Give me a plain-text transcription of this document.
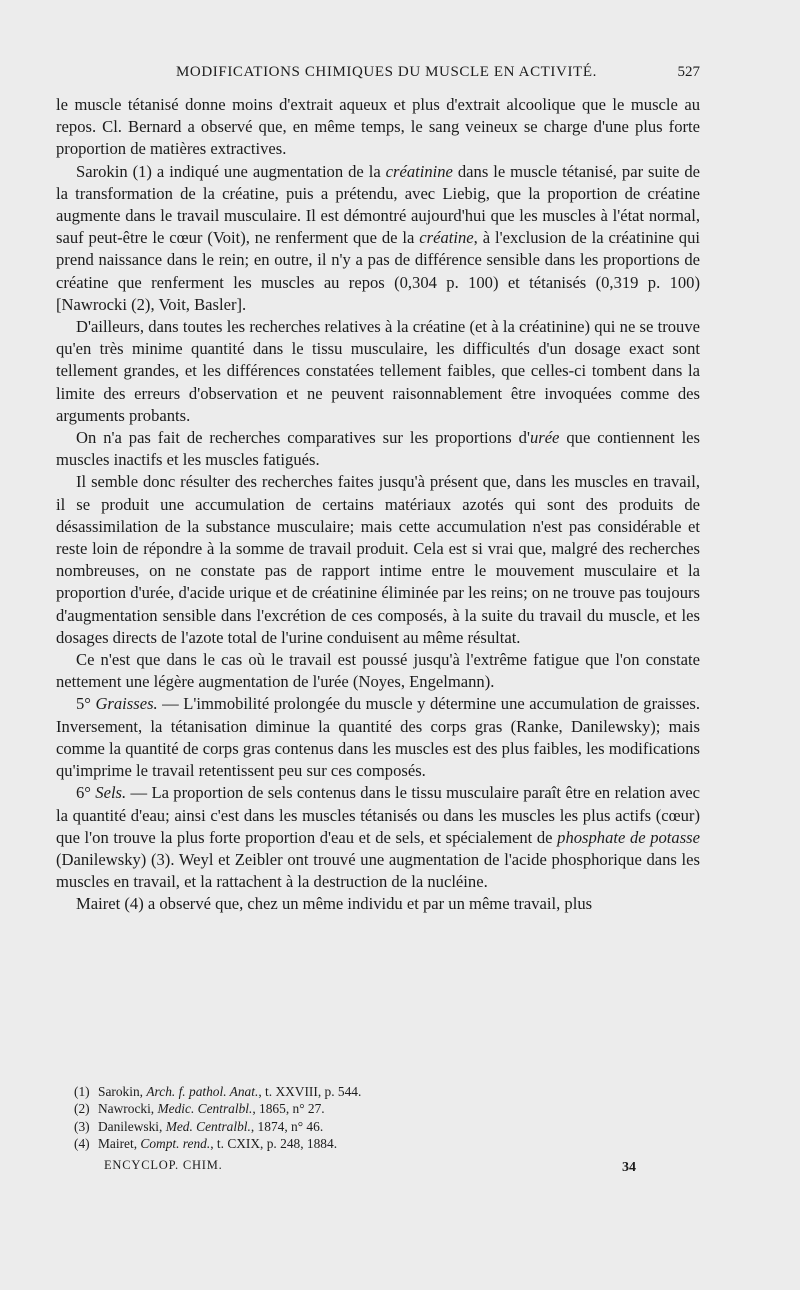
MODIFICATIONS CHIMIQUES DU MUSCLE EN ACTIVITÉ.	527

le muscle tétanisé donne moins d'extrait aqueux et plus d'extrait alcoolique que le muscle au repos. Cl. Bernard a observé que, en même temps, le sang veineux se charge d'une plus forte proportion de matières extractives.

Sarokin (1) a indiqué une augmentation de la créatinine dans le muscle tétanisé, par suite de la transformation de la créatine, puis a prétendu, avec Liebig, que la proportion de créatine augmente dans le travail musculaire. Il est démontré aujourd'hui que les muscles à l'état normal, sauf peut-être le cœur (Voit), ne renferment que de la créatine, à l'exclusion de la créatinine qui prend naissance dans le rein; en outre, il n'y a pas de différence sensible dans les proportions de créatine que renferment les muscles au repos (0,304 p. 100) et tétanisés (0,319 p. 100) [Nawrocki (2), Voit, Basler].

D'ailleurs, dans toutes les recherches relatives à la créatine (et à la créatinine) qui ne se trouve qu'en très minime quantité dans le tissu musculaire, les difficultés d'un dosage exact sont tellement grandes, et les différences constatées tellement faibles, que celles-ci tombent dans la limite des erreurs d'observation et ne peuvent raisonnablement être invoquées comme des arguments probants.

On n'a pas fait de recherches comparatives sur les proportions d'urée que contiennent les muscles inactifs et les muscles fatigués.

Il semble donc résulter des recherches faites jusqu'à présent que, dans les muscles en travail, il se produit une accumulation de certains matériaux azotés qui sont des produits de désassimilation de la substance musculaire; mais cette accumulation n'est pas considérable et reste loin de répondre à la somme de travail produit. Cela est si vrai que, malgré des recherches nombreuses, on ne constate pas de rapport intime entre le mouvement musculaire et la proportion d'urée, d'acide urique et de créatinine éliminée par les reins; on ne trouve pas toujours d'augmentation sensible dans l'excrétion de ces composés, à la suite du travail du muscle, et les dosages directs de l'azote total de l'urine conduisent au même résultat.

Ce n'est que dans le cas où le travail est poussé jusqu'à l'extrême fatigue que l'on constate nettement une légère augmentation de l'urée (Noyes, Engelmann).

5° Graisses. — L'immobilité prolongée du muscle y détermine une accumulation de graisses. Inversement, la tétanisation diminue la quantité des corps gras (Ranke, Danilewsky); mais comme la quantité de corps gras contenus dans les muscles est des plus faibles, les modifications qu'imprime le travail retentissent peu sur ces composés.

6° Sels. — La proportion de sels contenus dans le tissu musculaire paraît être en relation avec la quantité d'eau; ainsi c'est dans les muscles tétanisés ou dans les muscles les plus actifs (cœur) que l'on trouve la plus forte proportion d'eau et de sels, et spécialement de phosphate de potasse (Danilewsky) (3). Weyl et Zeibler ont trouvé une augmentation de l'acide phosphorique dans les muscles en travail, et la rattachent à la destruction de la nucléine.

Mairet (4) a observé que, chez un même individu et par un même travail, plus

(1) Sarokin, Arch. f. pathol. Anat., t. XXVIII, p. 544.
(2) Nawrocki, Medic. Centralbl., 1865, n° 27.
(3) Danilewski, Med. Centralbl., 1874, n° 46.
(4) Mairet, Compt. rend., t. CXIX, p. 248, 1884.
ENCYCLOP. CHIM.	34
